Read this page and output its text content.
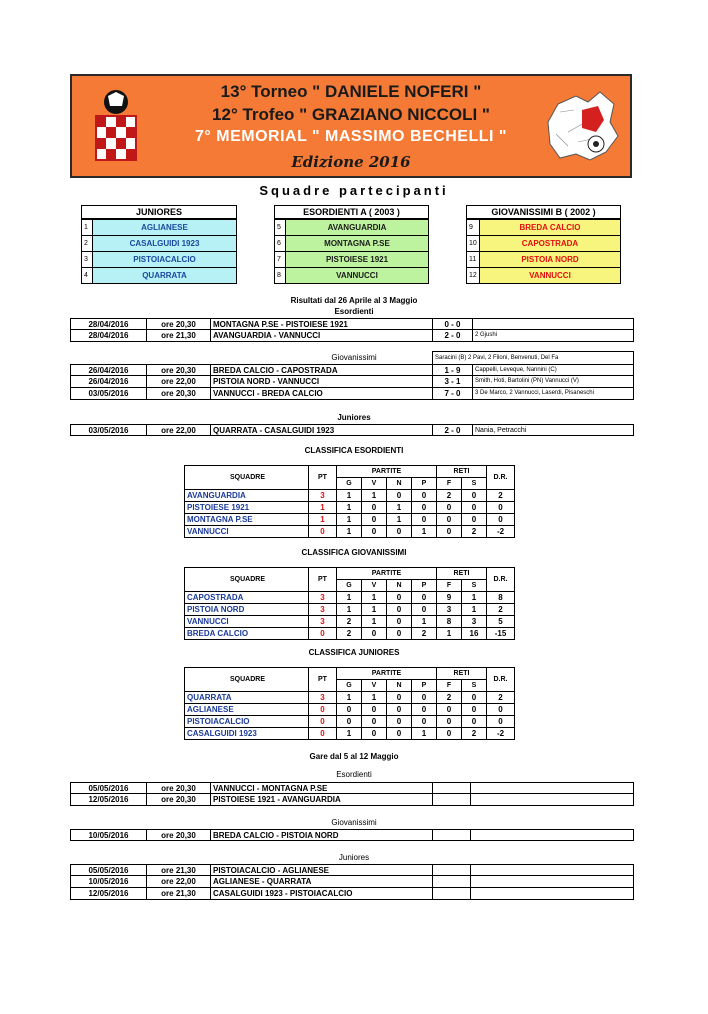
13° Torneo " DANIELE NOFERI "
12° Trofeo " GRAZIANO NICCOLI "
7° MEMORIAL " MASSIMO BECHELLI "
Edizione 2016
Squadre partecipanti
JUNIORES
1	AGLIANESE
2	CASALGUIDI 1923
3	PISTOIACALCIO
4	QUARRATA
ESORDIENTI A ( 2003 )
5	AVANGUARDIA
6	MONTAGNA P.SE
7	PISTOIESE 1921
8	VANNUCCI
GIOVANISSIMI B ( 2002 )
9	BREDA CALCIO
10	CAPOSTRADA
11	PISTOIA NORD
12	VANNUCCI
Risultati dal 26 Aprile al 3 Maggio
Esordienti
28/04/2016	ore 20,30	MONTAGNA P.SE - PISTOIESE 1921	0 - 0
28/04/2016	ore 21,30	AVANGUARDIA - VANNUCCI	2 - 0	2 Gjushi
Giovanissimi	Saracini (B) 2 Pavi, 2 Filoni, Benvenuti, Del Fa
26/04/2016	ore 20,30	BREDA CALCIO - CAPOSTRADA	1 - 9	Cappelli, Leveque, Nannini (C)
26/04/2016	ore 22,00	PISTOIA NORD - VANNUCCI	3 - 1	Smith, Hoti, Bartolini (PN) Vannucci (V)
03/05/2016	ore 20,30	VANNUCCI - BREDA CALCIO	7 - 0	3 De Marco, 2 Vannucci, Laserdi, Pisaneschi
Juniores
03/05/2016	ore 22,00	QUARRATA - CASALGUIDI 1923	2 - 0	Nania, Petracchi
CLASSIFICA ESORDIENTI
SQUADRE	PT	PARTITE				RETI		D.R.
		G	V	N	P	F	S	
AVANGUARDIA	3	1	1	0	0	2	0	2
PISTOIESE 1921	1	1	0	1	0	0	0	0
MONTAGNA P.SE	1	1	0	1	0	0	0	0
VANNUCCI	0	1	0	0	1	0	2	-2
CLASSIFICA GIOVANISSIMI
SQUADRE	PT	PARTITE				RETI		D.R.
		G	V	N	P	F	S	
CAPOSTRADA	3	1	1	0	0	9	1	8
PISTOIA NORD	3	1	1	0	0	3	1	2
VANNUCCI	3	2	1	0	1	8	3	5
BREDA CALCIO	0	2	0	0	2	1	16	-15
CLASSIFICA JUNIORES
SQUADRE	PT	PARTITE				RETI		D.R.
		G	V	N	P	F	S	
QUARRATA	3	1	1	0	0	2	0	2
AGLIANESE	0	0	0	0	0	0	0	0
PISTOIACALCIO	0	0	0	0	0	0	0	0
CASALGUIDI 1923	0	1	0	0	1	0	2	-2
Gare dal 5 al 12 Maggio
Esordienti
05/05/2016	ore 20,30	VANNUCCI - MONTAGNA P.SE
12/05/2016	ore 20,30	PISTOIESE 1921 - AVANGUARDIA
Giovanissimi
10/05/2016	ore 20,30	BREDA CALCIO - PISTOIA NORD
Juniores
05/05/2016	ore 21,30	PISTOIACALCIO - AGLIANESE
10/05/2016	ore 22,00	AGLIANESE - QUARRATA
12/05/2016	ore 21,30	CASALGUIDI 1923 - PISTOIACALCIO
